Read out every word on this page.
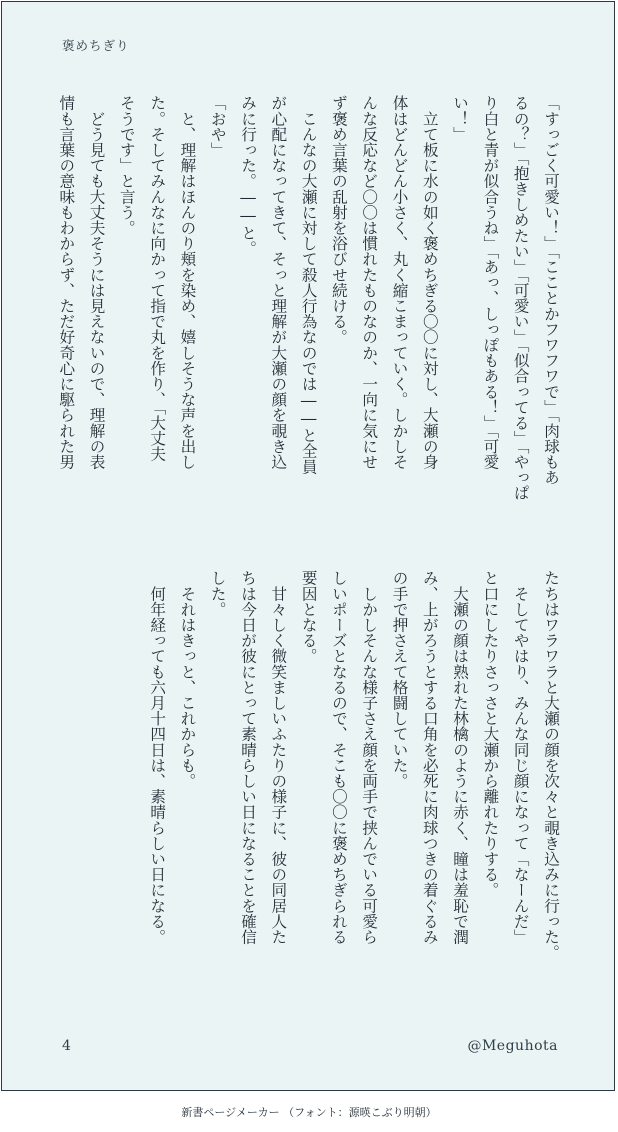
褒めちぎり
「すっごく可愛い！」「こことかフワフワで」「肉球もあ
るの？」「抱きしめたい」「可愛い」「似合ってる」「やっぱ
り白と青が似合うね」「あっ、しっぽもある！」「可愛
い！」
　立て板に水の如く褒めちぎる〇〇に対し、大瀬の身
体はどんどん小さく、丸く縮こまっていく。しかしそ
んな反応など〇〇は慣れたものなのか、一向に気にせ
ず褒め言葉の乱射を浴びせ続ける。
　こんなの大瀬に対して殺人行為なのでは――と全員
が心配になってきて、そっと理解が大瀬の顔を覗き込
みに行った。――と。
「おや」
　と、理解はほんのり頬を染め、嬉しそうな声を出し
た。そしてみんなに向かって指で丸を作り、「大丈夫
そうです」と言う。
　どう見ても大丈夫そうには見えないので、理解の表
情も言葉の意味もわからず、ただ好奇心に駆られた男
たちはワラワラと大瀬の顔を次々と覗き込みに行った。
　そしてやはり、みんな同じ顔になって「なーんだ」
と口にしたりさっさと大瀬から離れたりする。
　大瀬の顔は熟れた林檎のように赤く、瞳は羞恥で潤
み、上がろうとする口角を必死に肉球つきの着ぐるみ
の手で押さえて格闘していた。
　しかしそんな様子さえ顔を両手で挟んでいる可愛ら
しいポーズとなるので、そこも〇〇に褒めちぎられる
要因となる。
　甘々しく微笑ましいふたりの様子に、彼の同居人た
ちは今日が彼にとって素晴らしい日になることを確信
した。
　それはきっと、これからも。
　何年経っても六月十四日は、素晴らしい日になる。
4	@Meguhota
新書ページメーカー （フォント：源暎こぶり明朝）
